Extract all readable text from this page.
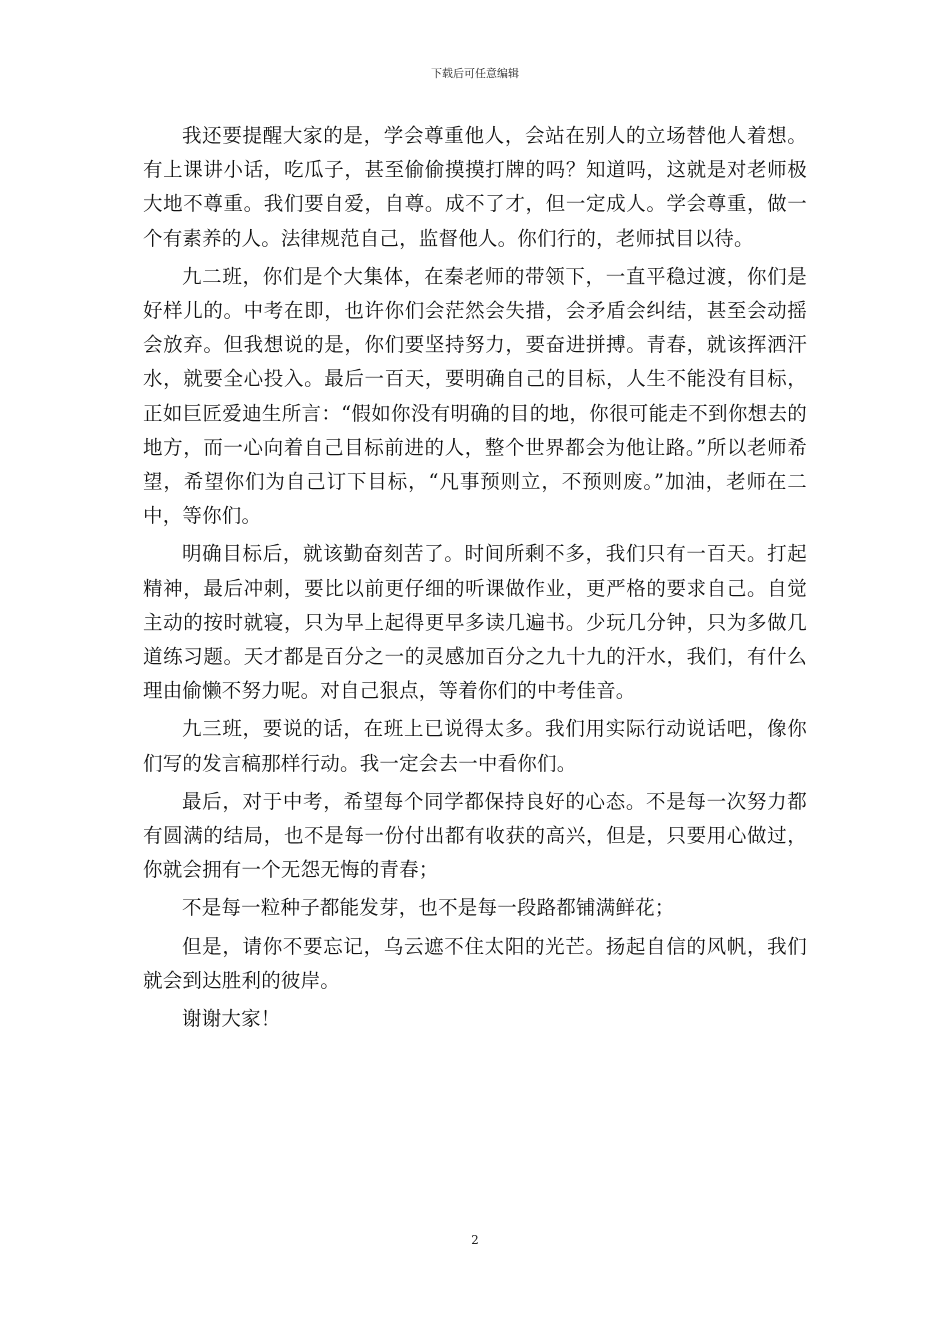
下载后可任意编辑

我还要提醒大家的是，学会尊重他人，会站在别人的立场替他人着想。有上课讲小话，吃瓜子，甚至偷偷摸摸打牌的吗？知道吗，这就是对老师极大地不尊重。我们要自爱，自尊。成不了才，但一定成人。学会尊重，做一个有素养的人。法律规范自己，监督他人。你们行的，老师拭目以待。

九二班，你们是个大集体，在秦老师的带领下，一直平稳过渡，你们是好样儿的。中考在即，也许你们会茫然会失措，会矛盾会纠结，甚至会动摇会放弃。但我想说的是，你们要坚持努力，要奋进拼搏。青春，就该挥洒汗水，就要全心投入。最后一百天，要明确自己的目标，人生不能没有目标，正如巨匠爱迪生所言：“假如你没有明确的目的地，你很可能走不到你想去的地方，而一心向着自己目标前进的人，整个世界都会为他让路。”所以老师希望，希望你们为自己订下目标，“凡事预则立，不预则废。”加油，老师在二中，等你们。

明确目标后，就该勤奋刻苦了。时间所剩不多，我们只有一百天。打起精神，最后冲刺，要比以前更仔细的听课做作业，更严格的要求自己。自觉主动的按时就寝，只为早上起得更早多读几遍书。少玩几分钟，只为多做几道练习题。天才都是百分之一的灵感加百分之九十九的汗水，我们，有什么理由偷懒不努力呢。对自己狠点，等着你们的中考佳音。

九三班，要说的话，在班上已说得太多。我们用实际行动说话吧，像你们写的发言稿那样行动。我一定会去一中看你们。

最后，对于中考，希望每个同学都保持良好的心态。不是每一次努力都有圆满的结局，也不是每一份付出都有收获的高兴，但是，只要用心做过，你就会拥有一个无怨无悔的青春；

不是每一粒种子都能发芽，也不是每一段路都铺满鲜花；

但是，请你不要忘记，乌云遮不住太阳的光芒。扬起自信的风帆，我们就会到达胜利的彼岸。

谢谢大家！

2
